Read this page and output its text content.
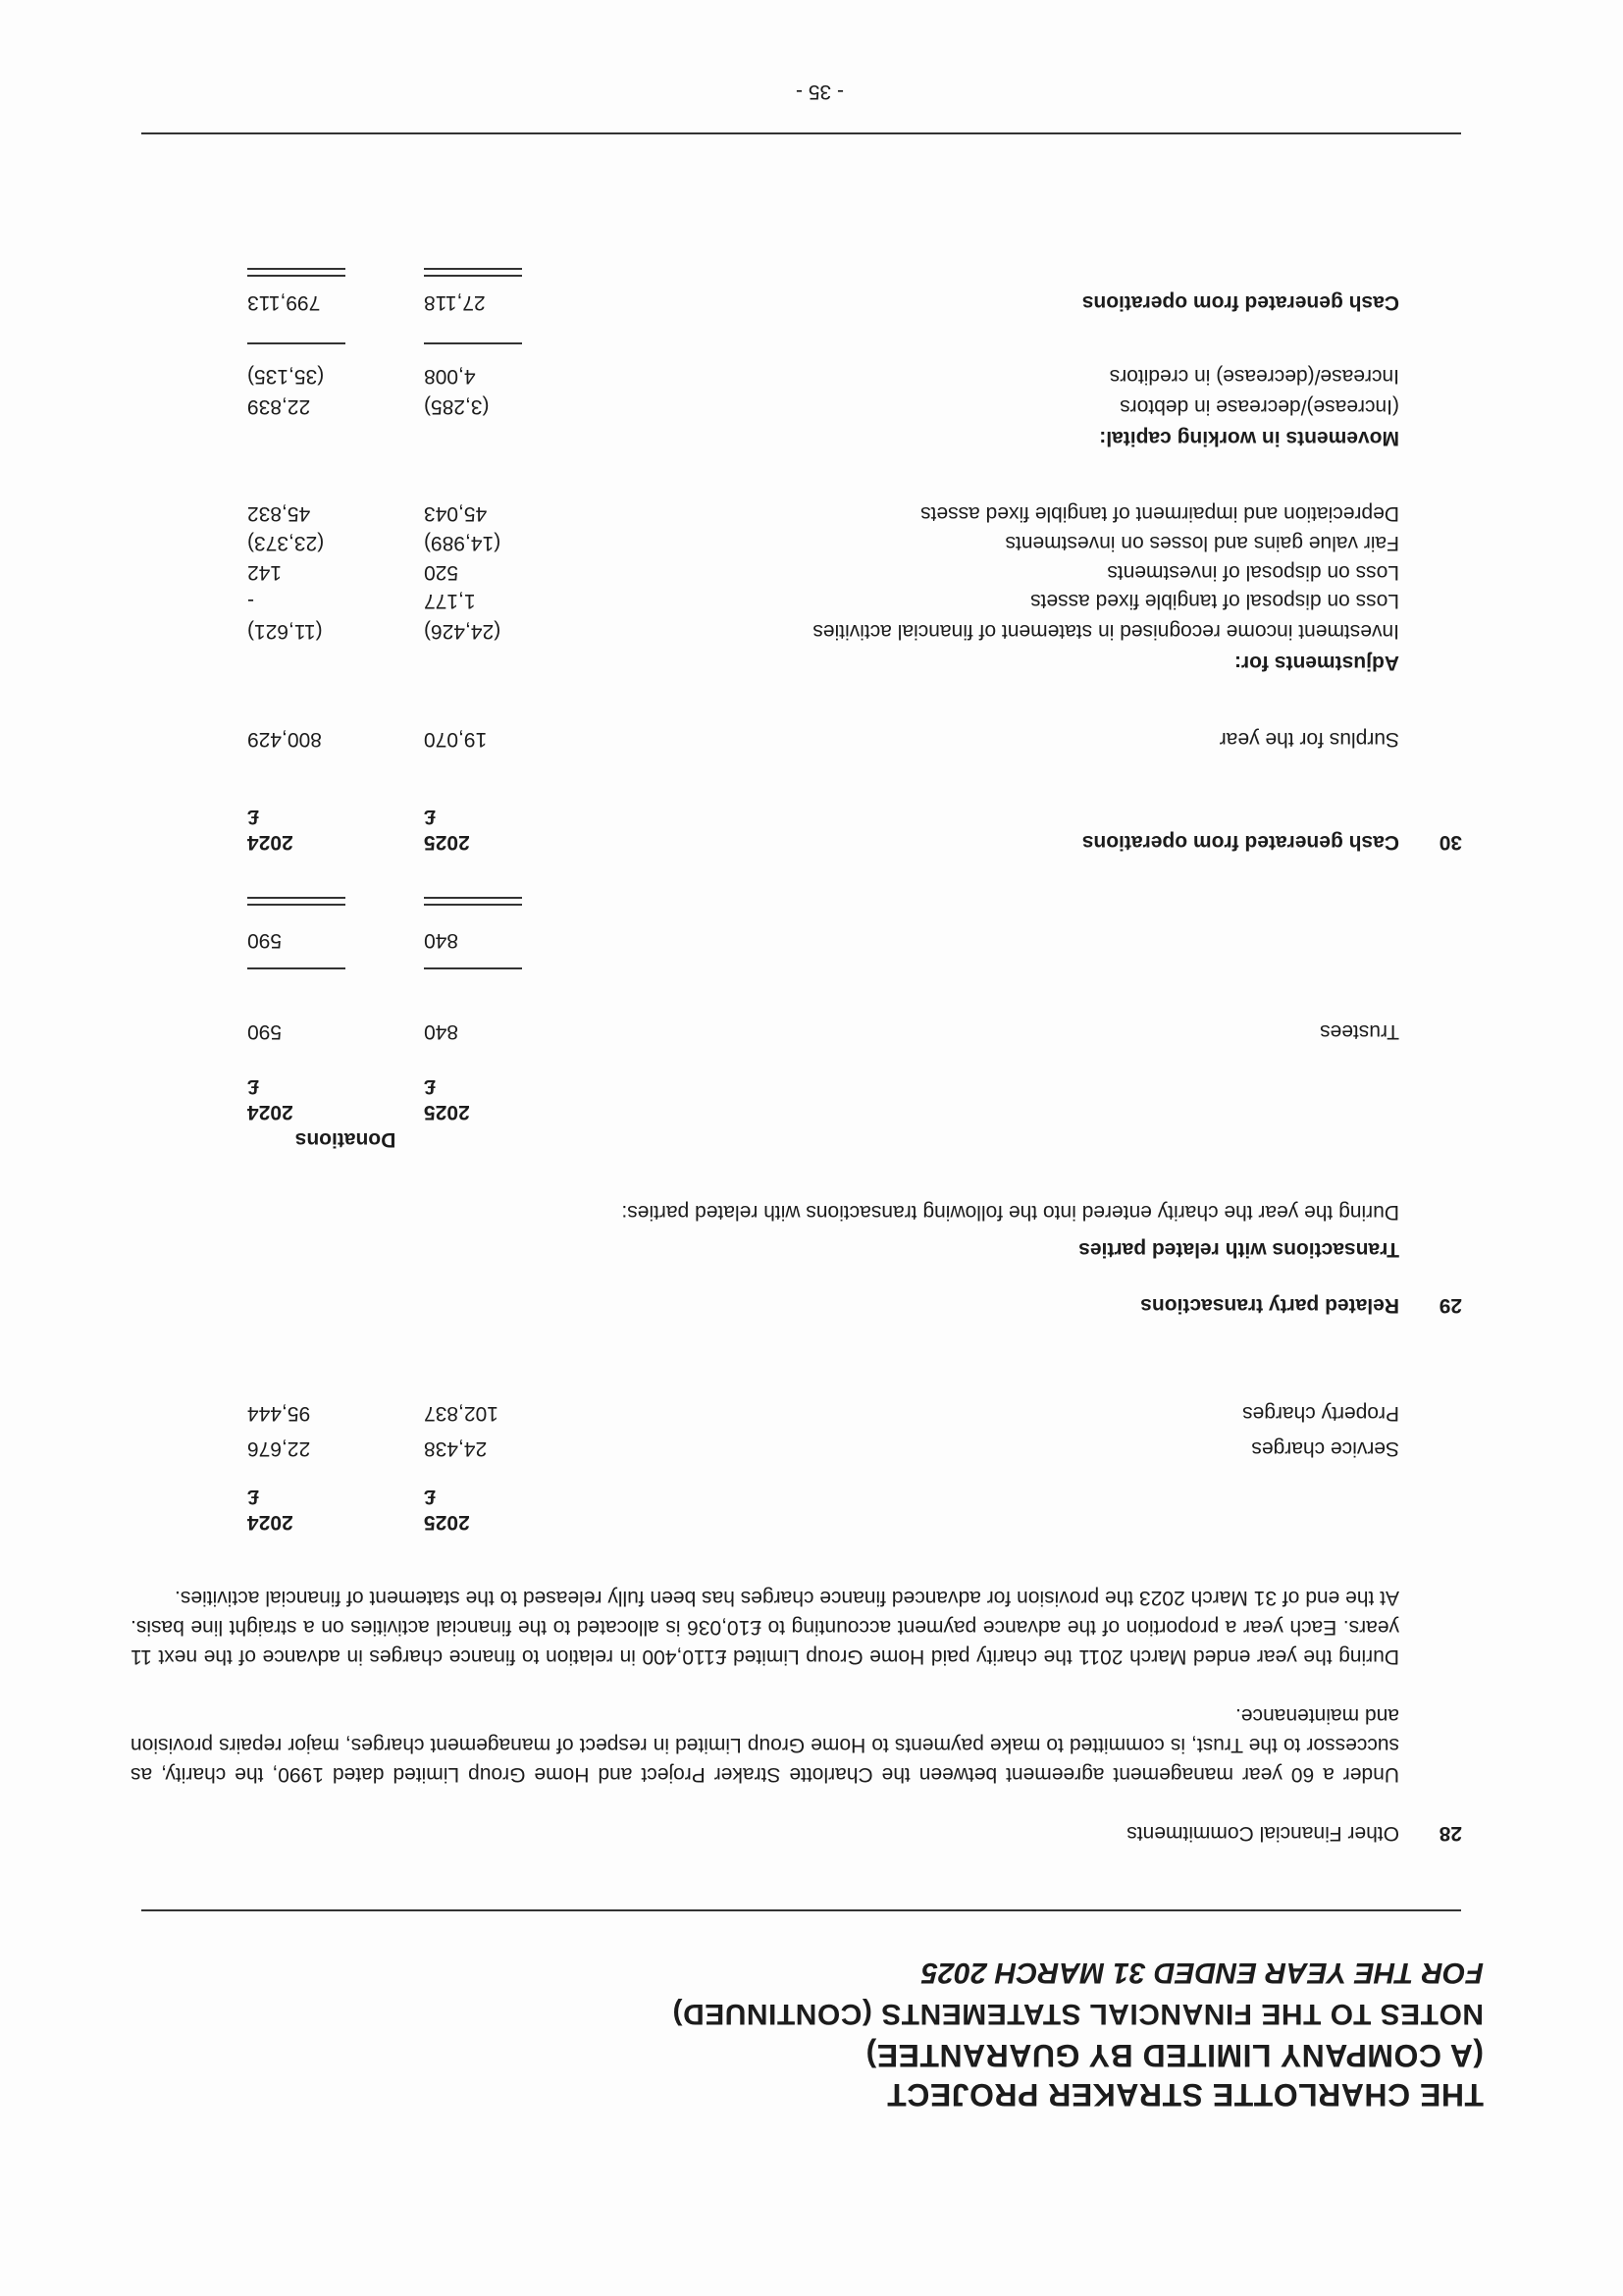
THE CHARLOTTE STRAKER PROJECT
(A COMPANY LIMITED BY GUARANTEE)
NOTES TO THE FINANCIAL STATEMENTS (CONTINUED)
FOR THE YEAR ENDED 31 MARCH 2025
28
Other Financial Commitments
Under a 60 year management agreement between the Charlotte Straker Project and Home Group Limited dated 1990, the charity, as successor to the Trust, is committed to make payments to Home Group Limited in respect of management charges, major repairs provision and maintenance.
During the year ended March 2011 the charity paid Home Group Limited £110,400 in relation to finance charges in advance of the next 11 years. Each year a proportion of the advance payment accounting to £10,036 is allocated to the financial activities on a straight line basis. At the end of 31 March 2023 the provision for advanced finance charges has been fully released to the statement of financial activities.
2025
2024
£
£
Service charges
24,438
22,676
Property charges
102,837
95,444
29
Related party transactions
Transactions with related parties
During the year the charity entered into the following transactions with related parties:
Donations
2025
2024
£
£
Trustees
840
590
840
590
30
Cash generated from operations
2025
2024
£
£
Surplus for the year
19,070
800,429
Adjustments for:
Investment income recognised in statement of financial activities
(24,426)
(11,621)
Loss on disposal of tangible fixed assets
1,177
-
Loss on disposal of investments
520
142
Fair value gains and losses on investments
(14,989)
(23,373)
Depreciation and impairment of tangible fixed assets
45,043
45,832
Movements in working capital:
(Increase)/decrease in debtors
(3,285)
22,839
Increase/(decrease) in creditors
4,008
(35,135)
Cash generated from operations
27,118
799,113
- 35 -
